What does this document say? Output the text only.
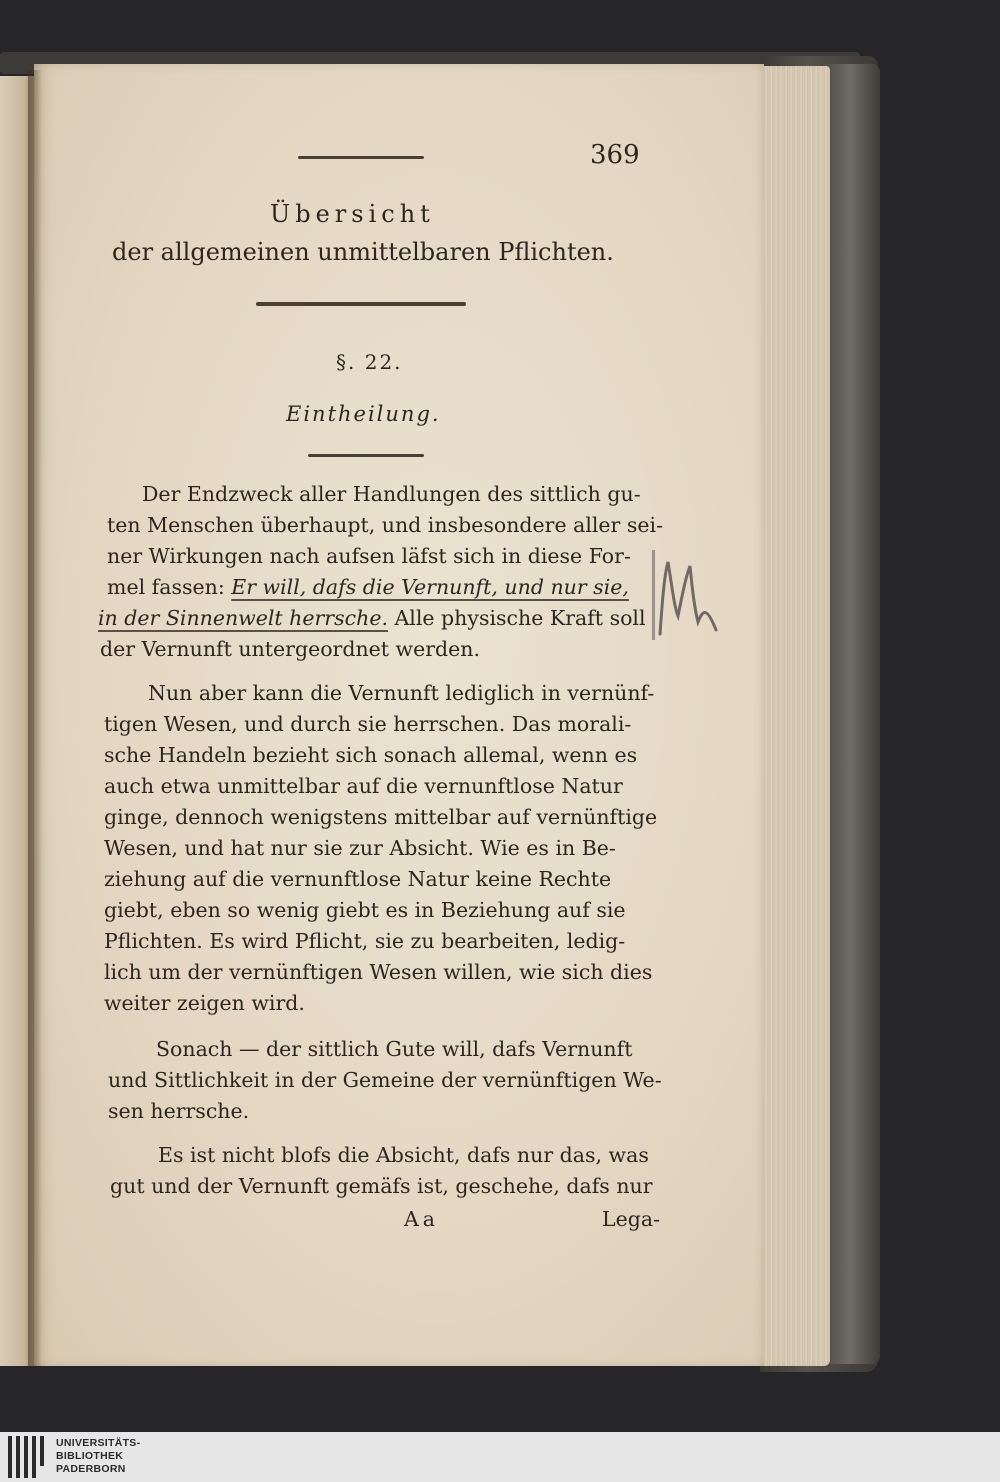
369
Übersicht
der allgemeinen unmittelbaren Pflichten.
§. 22.
Eintheilung.
Der Endzweck aller Handlungen des sittlich gu-
ten Menschen überhaupt, und insbesondere aller sei-
ner Wirkungen nach aufsen läfst sich in diese For-
mel fassen: Er will, dafs die Vernunft, und nur sie,
in der Sinnenwelt herrsche. Alle physische Kraft soll
der Vernunft untergeordnet werden.
Nun aber kann die Vernunft lediglich in vernünf-
tigen Wesen, und durch sie herrschen. Das morali-
sche Handeln bezieht sich sonach allemal, wenn es
auch etwa unmittelbar auf die vernunftlose Natur
ginge, dennoch wenigstens mittelbar auf vernünftige
Wesen, und hat nur sie zur Absicht. Wie es in Be-
ziehung auf die vernunftlose Natur keine Rechte
giebt, eben so wenig giebt es in Beziehung auf sie
Pflichten. Es wird Pflicht, sie zu bearbeiten, ledig-
lich um der vernünftigen Wesen willen, wie sich dies
weiter zeigen wird.
Sonach — der sittlich Gute will, dafs Vernunft
und Sittlichkeit in der Gemeine der vernünftigen We-
sen herrsche.
Es ist nicht blofs die Absicht, dafs nur das, was
gut und der Vernunft gemäfs ist, geschehe, dafs nur
Aa	Lega-
UNIVERSITÄTS-
BIBLIOTHEK
PADERBORN
